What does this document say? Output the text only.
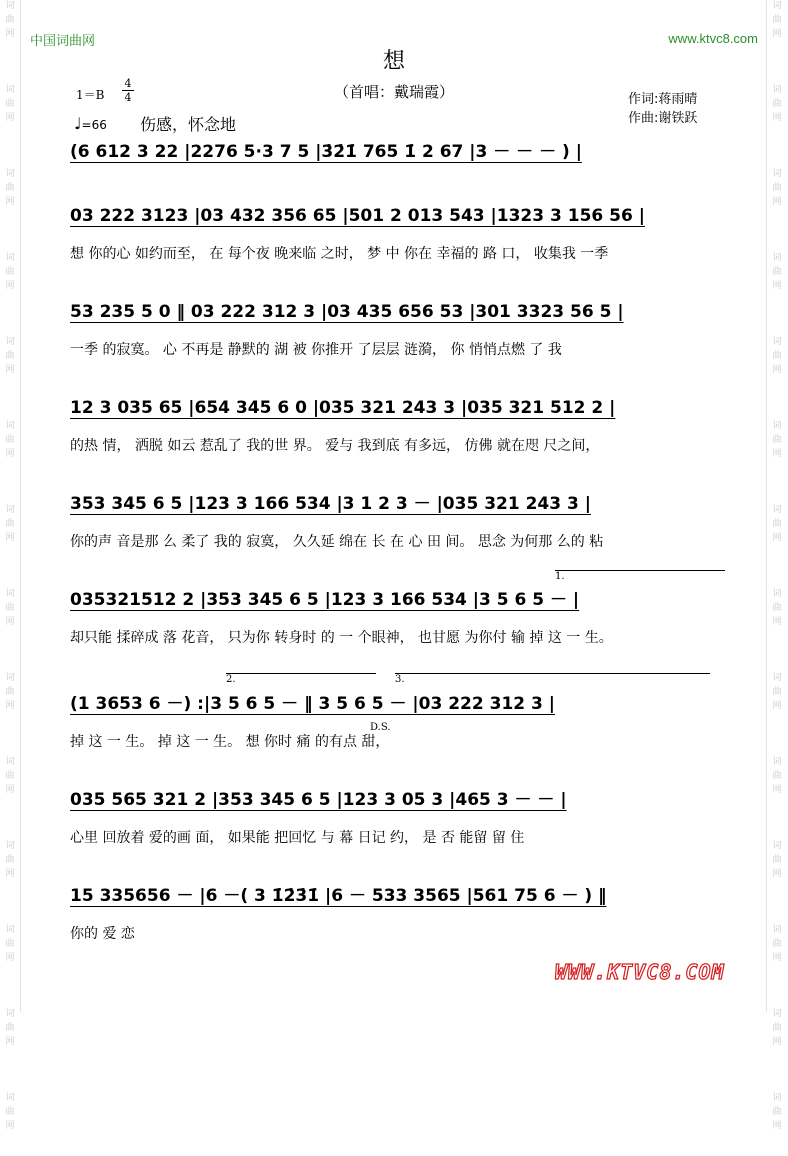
词
曲
网
词
曲
网
词
曲
网
词
曲
网
词
曲
网
词
曲
网
词
曲
网
词
曲
网
词
曲
网
词
曲
网
词
曲
网
词
曲
网
词
曲
网
词
曲
网
词
曲
网
词
曲
网
词
曲
网
词
曲
网
词
曲
网
词
曲
网
词
曲
网
词
曲
网
词
曲
网
词
曲
网
词
曲
网
词
曲
网
词
曲
网
词
曲
网
中国词曲网	www.ktvc8.com
想
（首唱：戴瑞霞）
1＝B
4
4
♩=66 伤感，怀念地
作词:蒋雨晴
作曲:谢铁跃
(6 612 3 22 |2276 5·3 7 5 |3̇2̇1̇ 765 1̇ 2 67 |3 － － － ) |
03 222 3123 |03 432 356 65 |501 2 013 543 |1323 3 156 56 |
想 你的心 如约而至， 在 每个夜 晚来临 之时， 梦 中 你在 幸福的 路 口， 收集我 一季
53 235 5 0 ‖ 03 222 312 3 |03 435 656 53 |301 3323 56 5 |
一季 的寂寞。 心 不再是 静默的 湖 被 你推开 了层层 涟漪， 你 悄悄点燃 了 我
12 3 035 65 |654 345 6 0 |035 321 243 3 |035 321 512 2 |
的热 情， 洒脱 如云 惹乱了 我的世 界。 爱与 我到底 有多远， 仿佛 就在咫 尺之间，
353 345 6 5 |123 3 166 534 |3 1 2 3 － |035 321 243 3 |
你的声 音是那 么 柔了 我的 寂寞， 久久延 绵在 长 在 心 田 间。 思念 为何那 么的 粘
1.
035321512 2 |353 345 6 5 |123 3 166 534 |3 5 6 5 － |
却只能 揉碎成 落 花音， 只为你 转身时 的 一 个眼神， 也甘愿 为你付 输 掉 这 一 生。
2.	3.
(1 3653 6 －) :|3 5 6 5 － ‖ 3 5 6 5 － |03 222 312 3 |
D.S.
掉 这 一 生。 掉 这 一 生。 想 你时 痛 的有点 甜，
035 565 321 2 |353 345 6 5 |123 3 05 3 |465 3 － － |
心里 回放着 爱的画 面， 如果能 把回忆 与 幕 日记 约， 是 否 能留 留 住
15 335656 － |6 －( 3 1̇2̇3̇1̇ |6 － 533 3565 |561 75 6 － ) ‖
你的 爱 恋
WWW.KTVC8.COM
